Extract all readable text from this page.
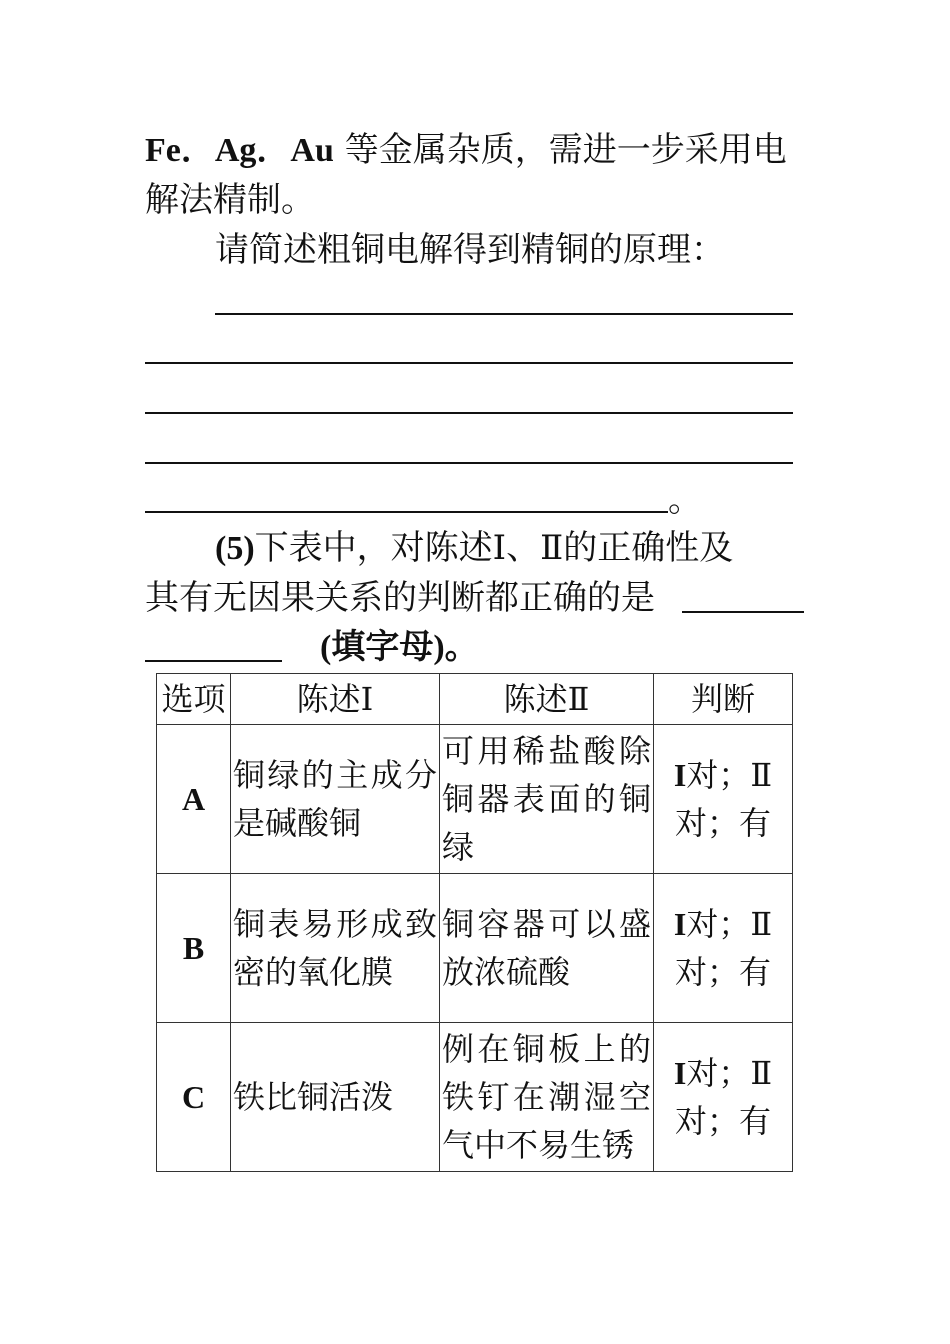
Fe．Ag．Au 等金属杂质，需进一步采用电
解法精制。
请简述粗铜电解得到精铜的原理：
。
(5)下表中，对陈述Ⅰ、Ⅱ的正确性及
其有无因果关系的判断都正确的是
(填字母)。
选项	陈述Ⅰ	陈述Ⅱ	判断
A	铜绿的主成分是碱酸铜	可用稀盐酸除铜器表面的铜绿	I对；Ⅱ对；有
B	铜表易形成致密的氧化膜	铜容器可以盛放浓硫酸	I对；Ⅱ对；有
C	铁比铜活泼	例在铜板上的铁钉在潮湿空气中不易生锈	I对；Ⅱ对；有
